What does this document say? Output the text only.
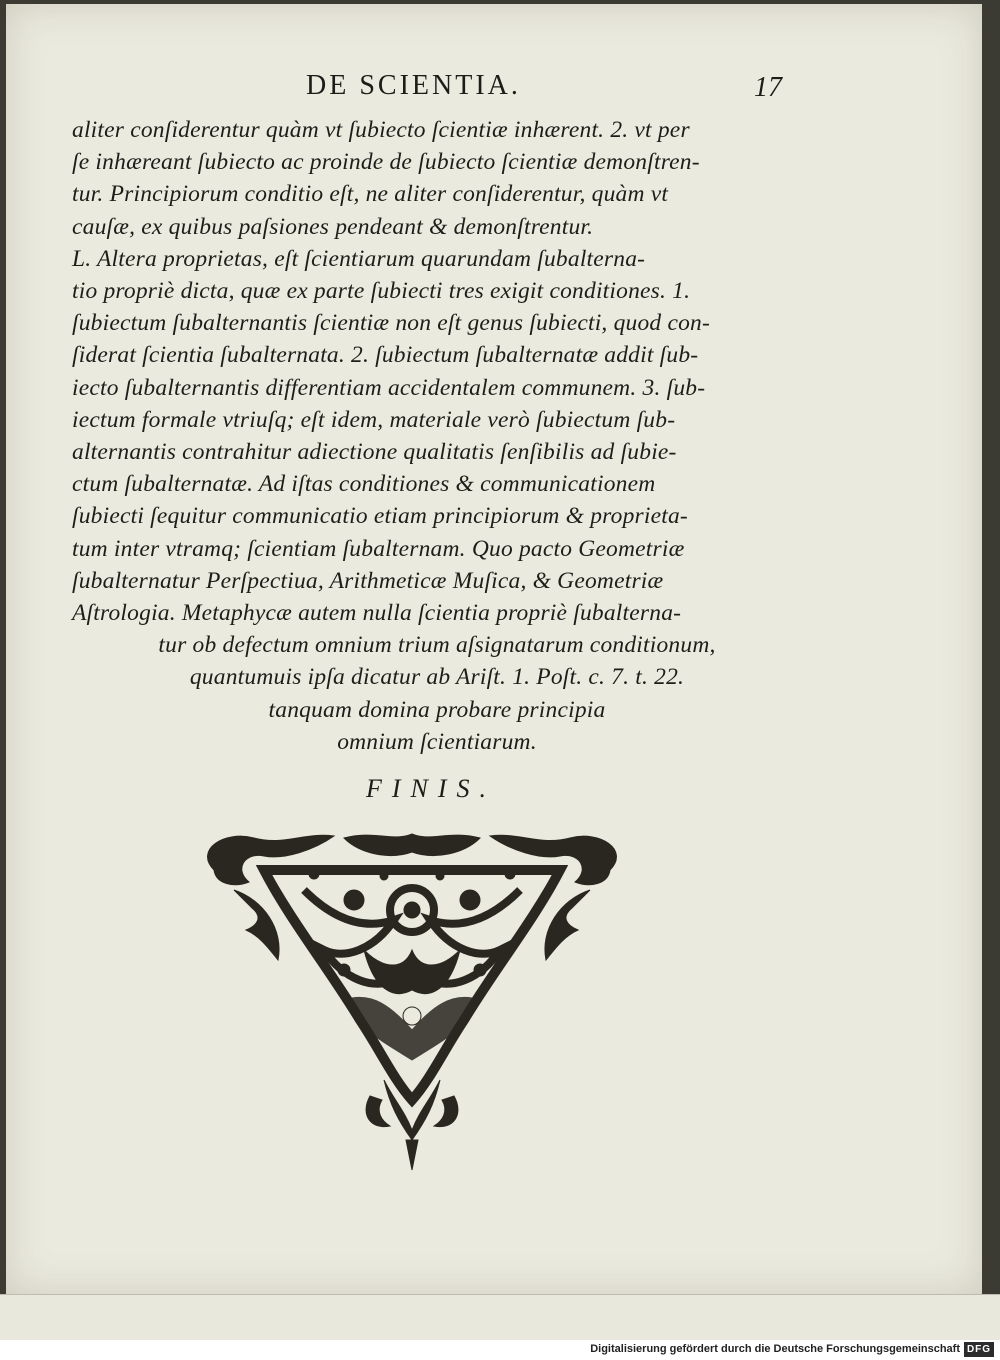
DE SCIENTIA.	17
aliter conſiderentur quàm vt ſubiecto ſcientiæ inhærent. 2. vt per
ſe inhæreant ſubiecto ac proinde de ſubiecto ſcientiæ demonſtren-
tur. Principiorum conditio eſt, ne aliter conſiderentur, quàm vt
cauſæ, ex quibus paſsiones pendeant & demonſtrentur.
L. Altera proprietas, eſt ſcientiarum quarundam ſubalterna-
tio propriè dicta, quæ ex parte ſubiecti tres exigit conditiones. 1.
ſubiectum ſubalternantis ſcientiæ non eſt genus ſubiecti, quod con-
ſiderat ſcientia ſubalternata. 2. ſubiectum ſubalternatæ addit ſub-
iecto ſubalternantis differentiam accidentalem communem. 3. ſub-
iectum formale vtriuſq; eſt idem, materiale verò ſubiectum ſub-
alternantis contrahitur adiectione qualitatis ſenſibilis ad ſubie-
ctum ſubalternatæ. Ad iſtas conditiones & communicationem
ſubiecti ſequitur communicatio etiam principiorum & proprieta-
tum inter vtramq; ſcientiam ſubalternam. Quo pacto Geometriæ
ſubalternatur Perſpectiua, Arithmeticæ Muſica, & Geometriæ
Aſtrologia. Metaphycæ autem nulla ſcientia propriè ſubalterna-
tur ob defectum omnium trium aſsignatarum conditionum,
quantumuis ipſa dicatur ab Ariſt. 1. Poſt. c. 7. t. 22.
tanquam domina probare principia
omnium ſcientiarum.
FINIS.
Digitalisierung gefördert durch die Deutsche Forschungsgemeinschaft DFG
